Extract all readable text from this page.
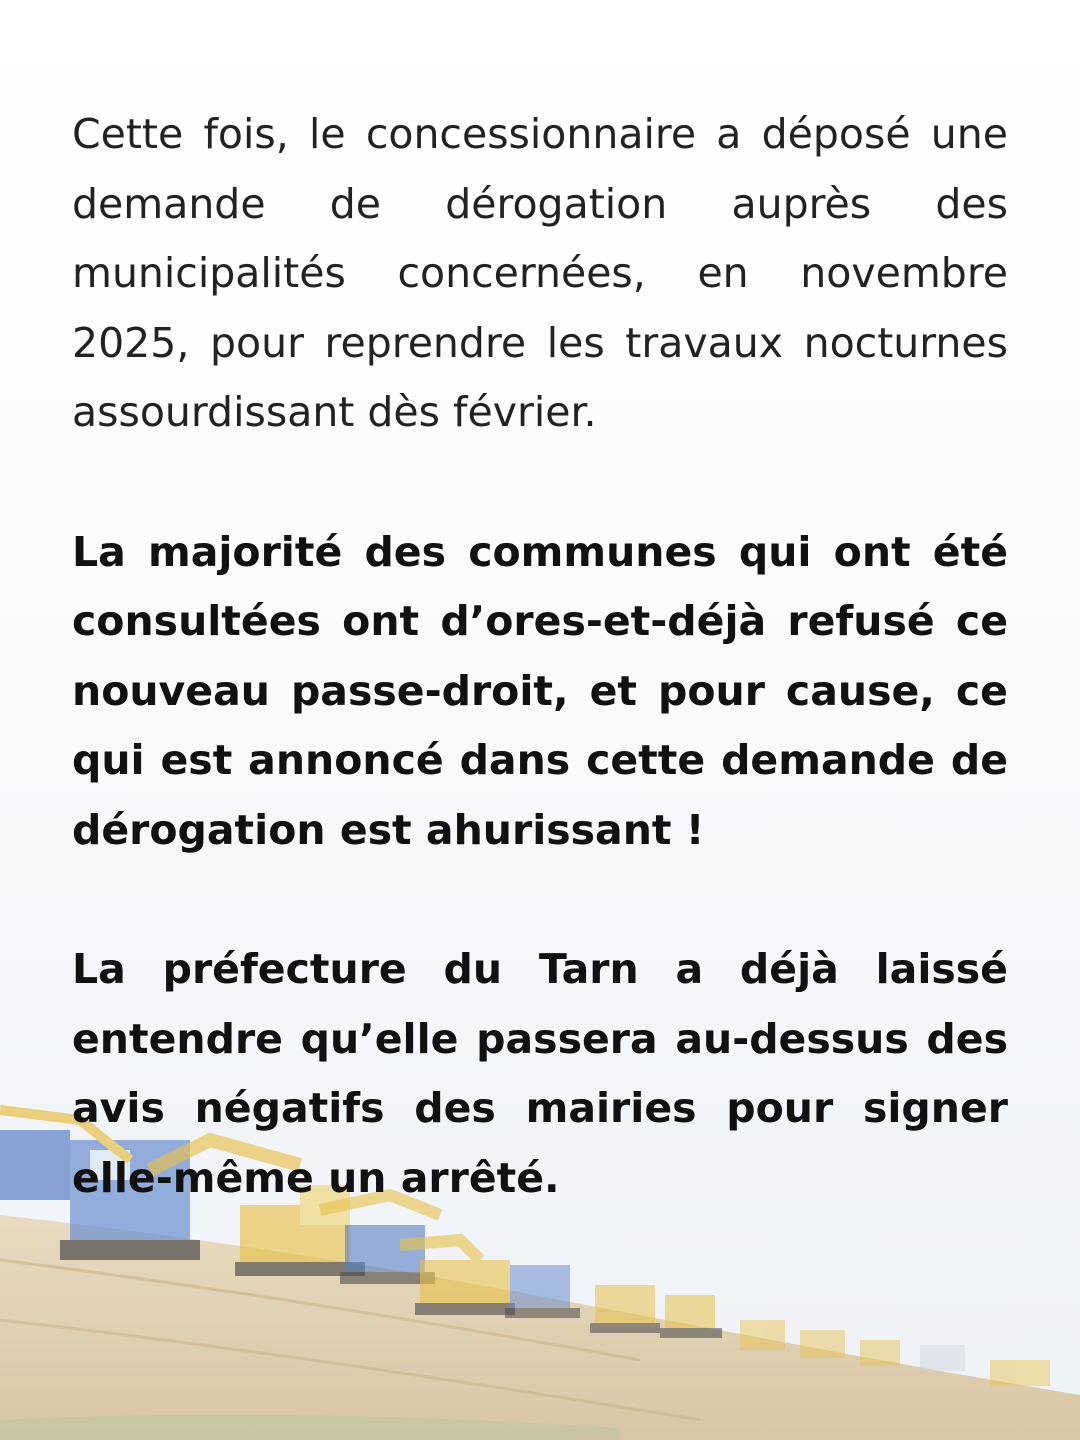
Cette fois, le concessionnaire a déposé une demande de dérogation auprès des municipalités concernées, en novembre 2025, pour reprendre les travaux nocturnes assourdissant dès février.

La majorité des communes qui ont été consultées ont d’ores-et-déjà refusé ce nouveau passe-droit, et pour cause, ce qui est annoncé dans cette demande de dérogation est ahurissant !

La préfecture du Tarn a déjà laissé entendre qu’elle passera au-dessus des avis négatifs des mairies pour signer elle-même un arrêté.
